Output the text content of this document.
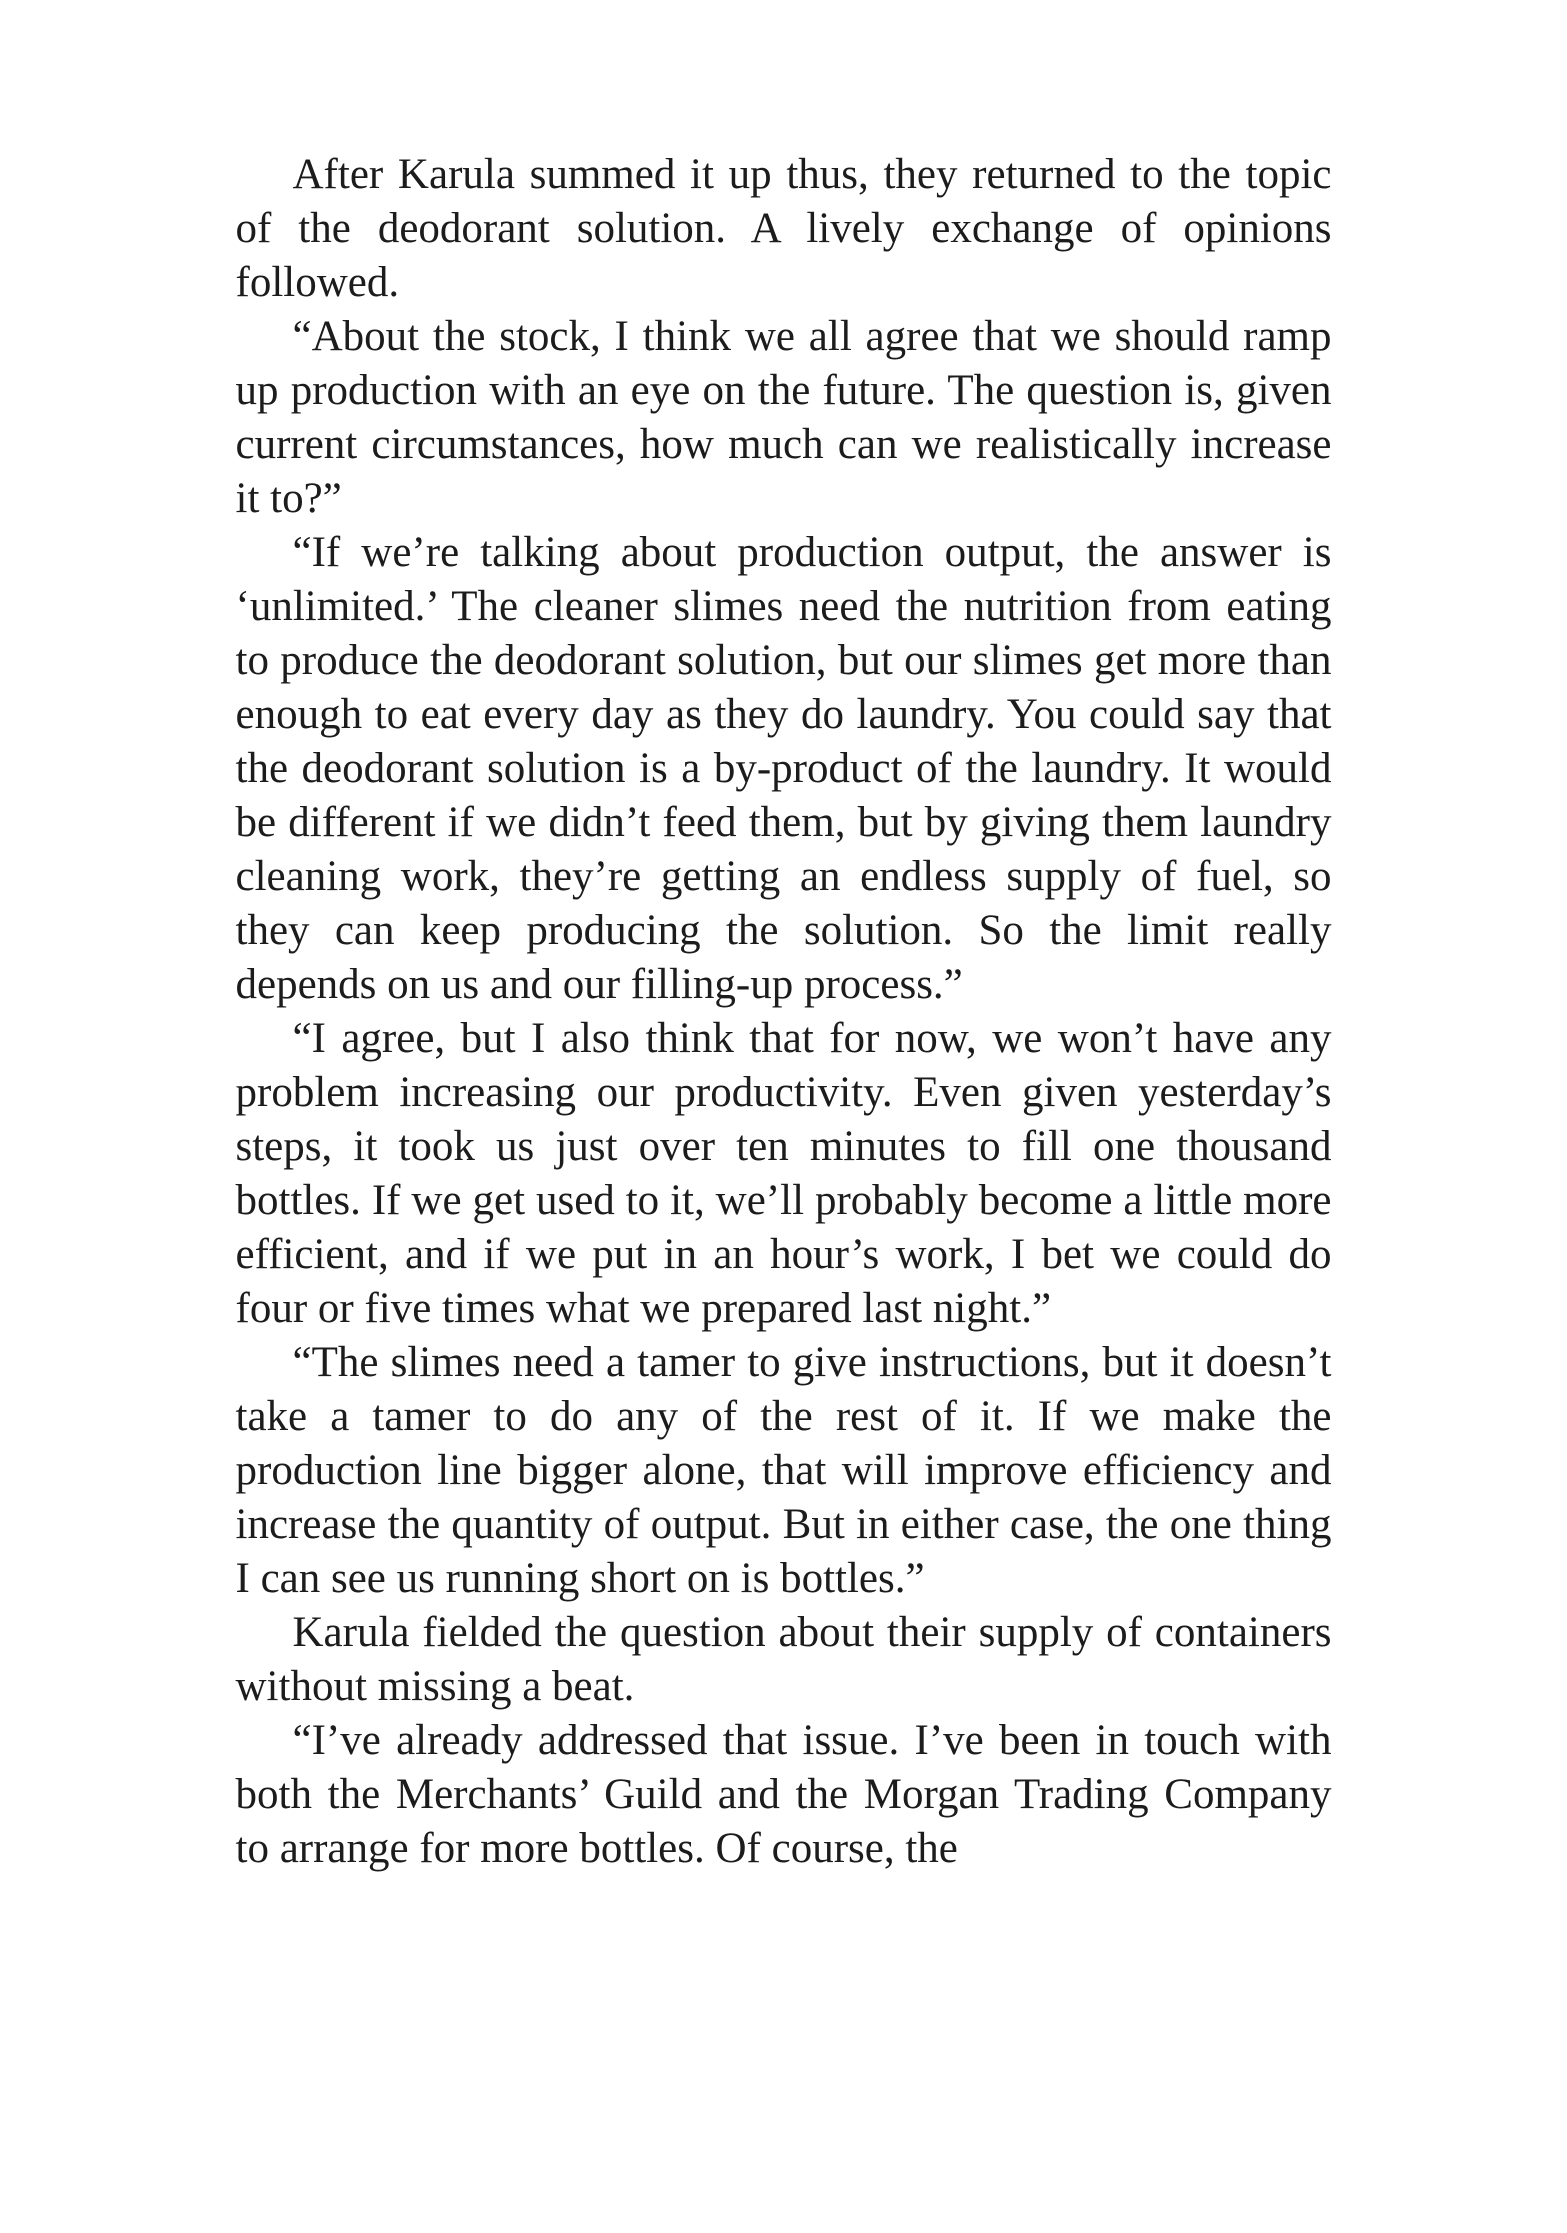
After Karula summed it up thus, they returned to the topic of the deodorant solution. A lively exchange of opinions followed.

“About the stock, I think we all agree that we should ramp up production with an eye on the future. The question is, given current circumstances, how much can we realistically increase it to?”

“If we’re talking about production output, the answer is ‘unlimited.’ The cleaner slimes need the nutrition from eating to produce the deodorant solution, but our slimes get more than enough to eat every day as they do laundry. You could say that the deodorant solution is a by-product of the laundry. It would be different if we didn’t feed them, but by giving them laundry cleaning work, they’re getting an endless supply of fuel, so they can keep producing the solution. So the limit really depends on us and our filling-up process.”

“I agree, but I also think that for now, we won’t have any problem increasing our productivity. Even given yesterday’s steps, it took us just over ten minutes to fill one thousand bottles. If we get used to it, we’ll probably become a little more efficient, and if we put in an hour’s work, I bet we could do four or five times what we prepared last night.”

“The slimes need a tamer to give instructions, but it doesn’t take a tamer to do any of the rest of it. If we make the production line bigger alone, that will improve efficiency and increase the quantity of output. But in either case, the one thing I can see us running short on is bottles.”

Karula fielded the question about their supply of containers without missing a beat.

“I’ve already addressed that issue. I’ve been in touch with both the Merchants’ Guild and the Morgan Trading Company to arrange for more bottles. Of course, the
